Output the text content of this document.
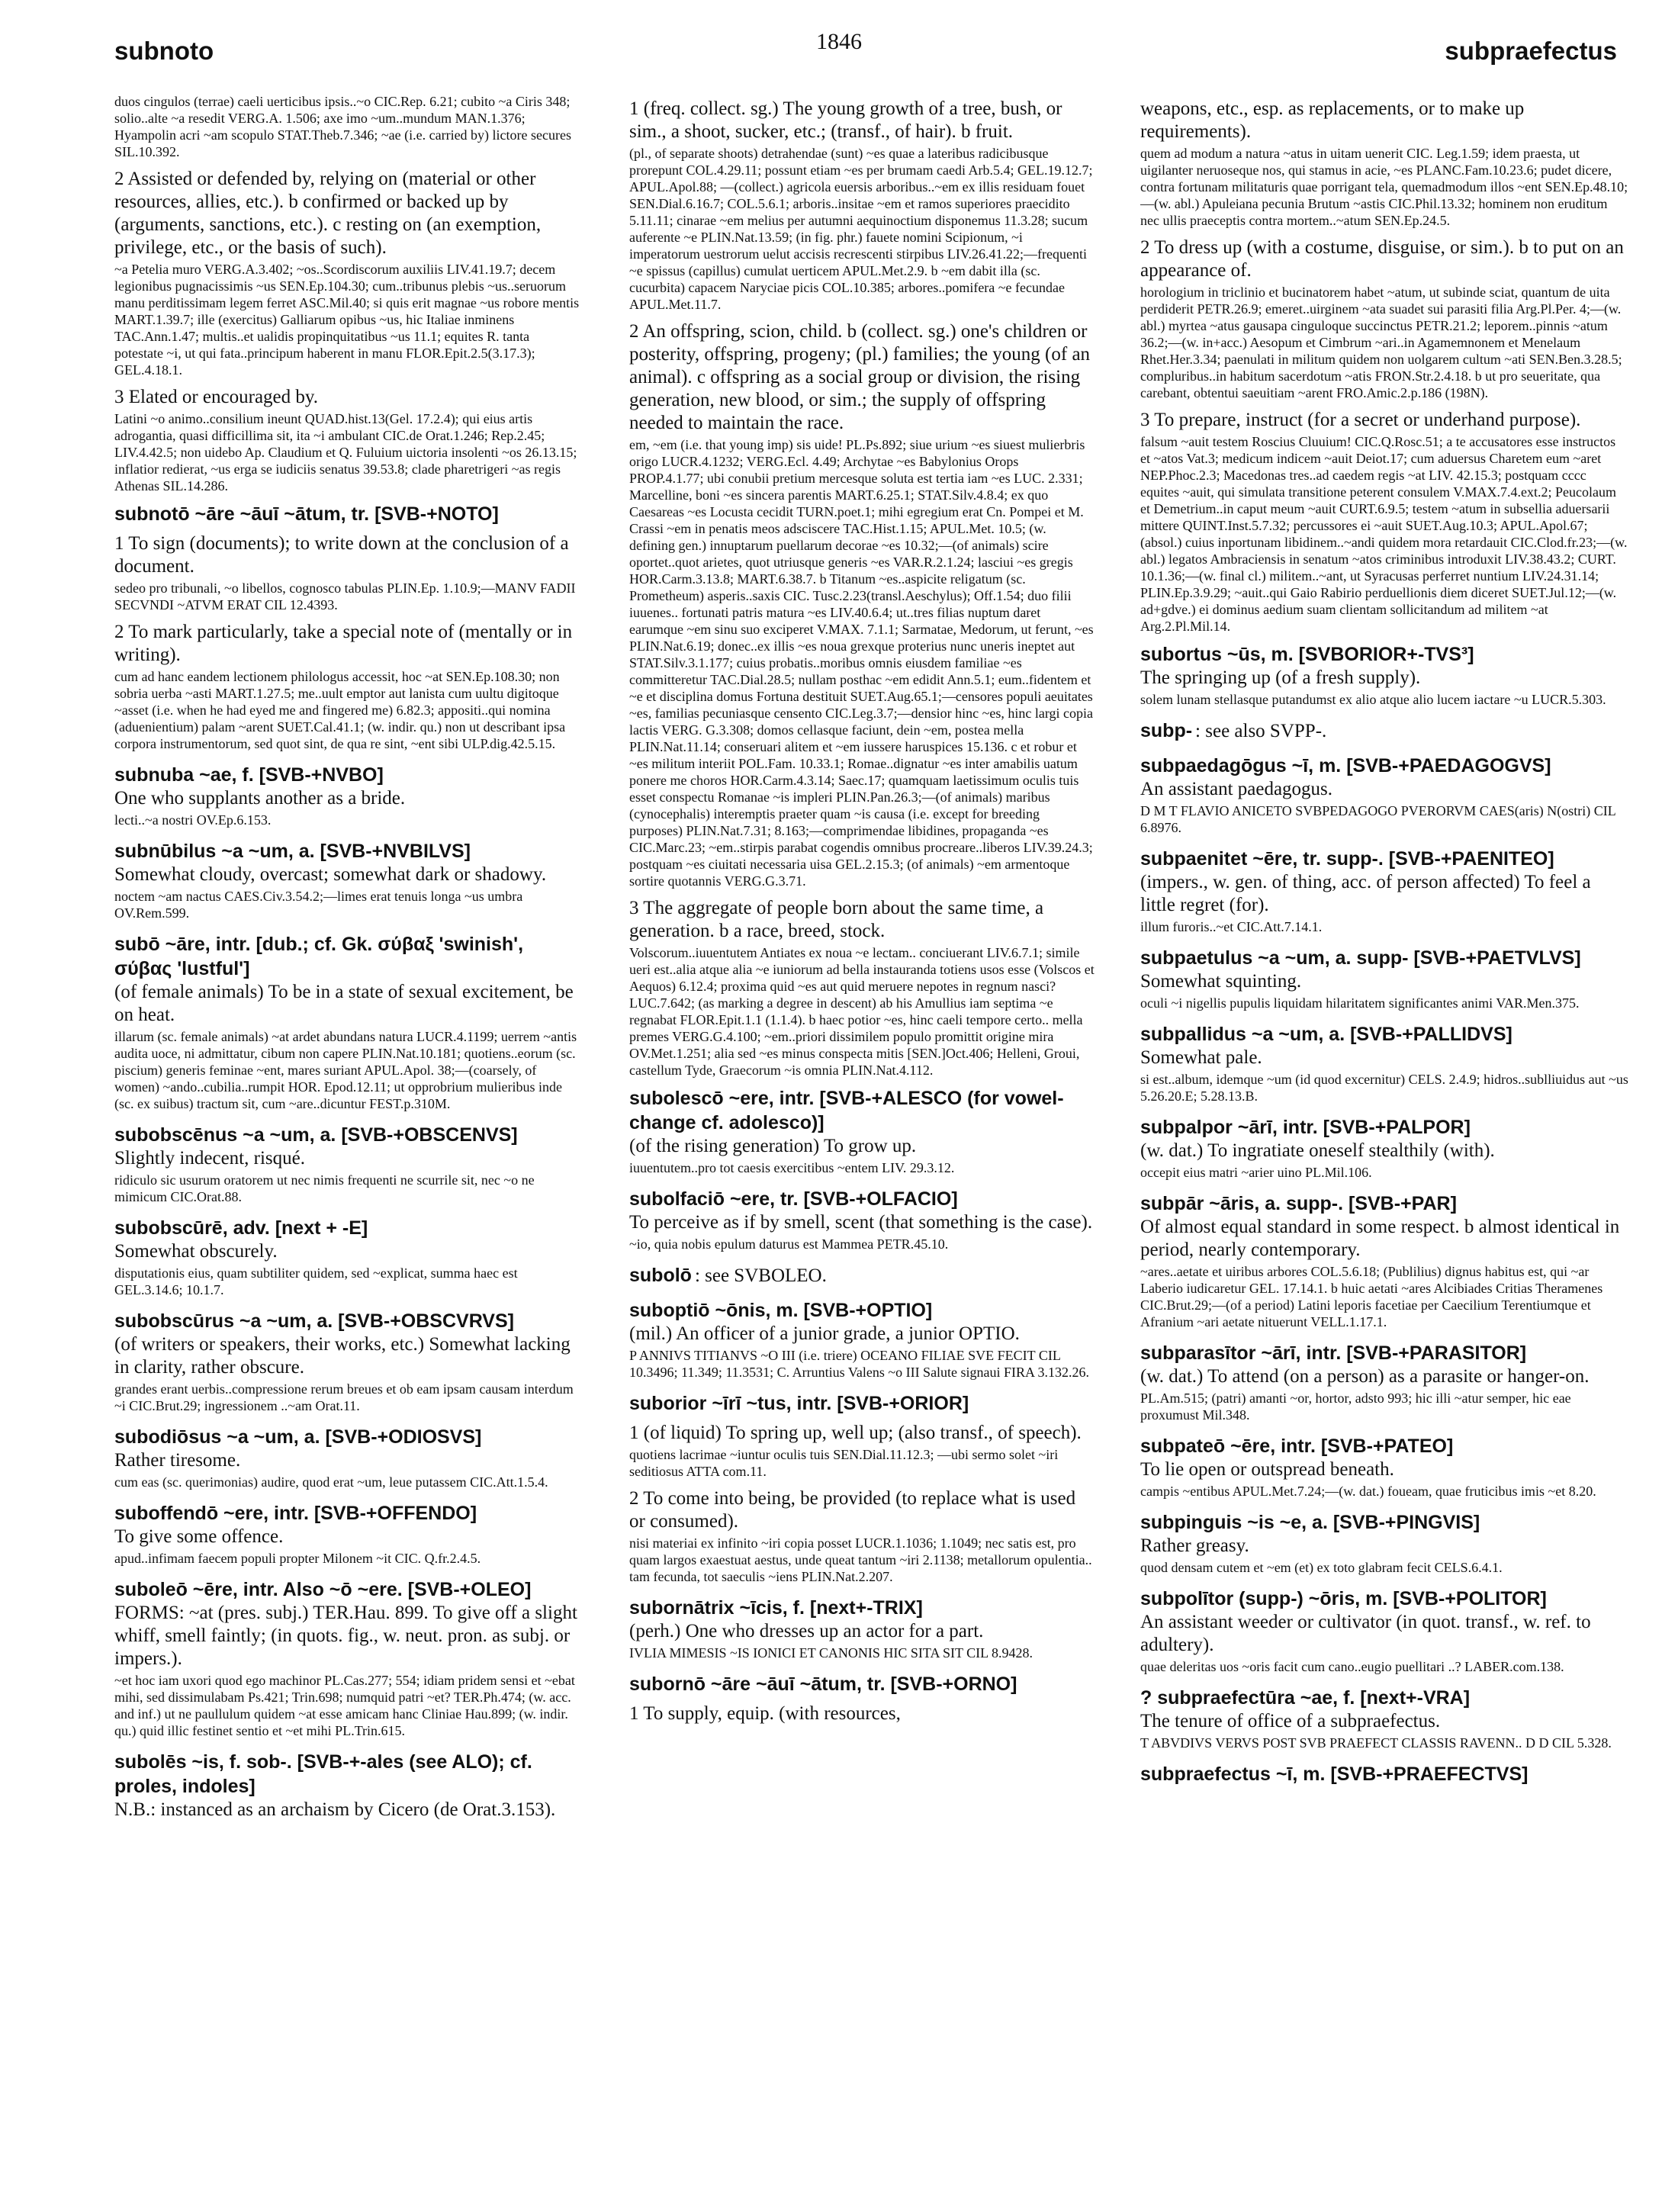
subnoto	1846	subpraefectus

duos cingulos (terrae) caeli uerticibus ipsis..~o CIC.Rep. 6.21; cubito ~a Ciris 348; solio..alte ~a resedit VERG.A. 1.506; axe imo ~um..mundum MAN.1.376; Hyampolin acri ~am scopulo STAT.Theb.7.346; ~ae (i.e. carried by) lictore secures SIL.10.392.

2 Assisted or defended by, relying on (material or other resources, allies, etc.). b confirmed or backed up by (arguments, sanctions, etc.). c resting on (an exemption, privilege, etc., or the basis of such).

~a Petelia muro VERG.A.3.402; ~os..Scordiscorum auxiliis LIV.41.19.7; decem legionibus pugnacissimis ~us SEN.Ep.104.30; cum..tribunus plebis ~us..seruorum manu perditissimam legem ferret ASC.Mil.40; si quis erit magnae ~us robore mentis MART.1.39.7; ille (exercitus) Galliarum opibus ~us, hic Italiae inminens TAC.Ann.1.47; multis..et ualidis propinquitatibus ~us 11.1; equites R. tanta potestate ~i, ut qui fata..principum haberent in manu FLOR.Epit.2.5(3.17.3); GEL.4.18.1.

3 Elated or encouraged by.

Latini ~o animo..consilium ineunt QUAD.hist.13(Gel. 17.2.4); qui eius artis adrogantia, quasi difficillima sit, ita ~i ambulant CIC.de Orat.1.246; Rep.2.45; LIV.4.42.5; non uidebo Ap. Claudium et Q. Fuluium uictoria insolenti ~os 26.13.15; inflatior redierat, ~us erga se iudiciis senatus 39.53.8; clade pharetrigeri ~as regis Athenas SIL.14.286.

subnotō ~āre ~āuī ~ātum, tr. [SVB-+NOTO]

1 To sign (documents); to write down at the conclusion of a document.

sedeo pro tribunali, ~o libellos, cognosco tabulas PLIN.Ep. 1.10.9;—MANV FADII SECVNDI ~ATVM ERAT CIL 12.4393.

2 To mark particularly, take a special note of (mentally or in writing).

cum ad hanc eandem lectionem philologus accessit, hoc ~at SEN.Ep.108.30; non sobria uerba ~asti MART.1.27.5; me..uult emptor aut lanista cum uultu digitoque ~asset (i.e. when he had eyed me and fingered me) 6.82.3; appositi..qui nomina (aduenientium) palam ~arent SUET.Cal.41.1; (w. indir. qu.) non ut describant ipsa corpora instrumentorum, sed quot sint, de qua re sint, ~ent sibi ULP.dig.42.5.15.

subnuba ~ae, f. [SVB-+NVBO]

One who supplants another as a bride.

lecti..~a nostri OV.Ep.6.153.

subnūbilus ~a ~um, a. [SVB-+NVBILVS]

Somewhat cloudy, overcast; somewhat dark or shadowy.

noctem ~am nactus CAES.Civ.3.54.2;—limes erat tenuis longa ~us umbra OV.Rem.599.

subō ~āre, intr. [dub.; cf. Gk. σύβαξ 'swinish', σύβας 'lustful']

(of female animals) To be in a state of sexual excitement, be on heat.

illarum (sc. female animals) ~at ardet abundans natura LUCR.4.1199; uerrem ~antis audita uoce, ni admittatur, cibum non capere PLIN.Nat.10.181; quotiens..eorum (sc. piscium) generis feminae ~ent, mares suriant APUL.Apol. 38;—(coarsely, of women) ~ando..cubilia..rumpit HOR. Epod.12.11; ut opprobrium mulieribus inde (sc. ex suibus) tractum sit, cum ~are..dicuntur FEST.p.310M.

subobscēnus ~a ~um, a. [SVB-+OBSCENVS]

Slightly indecent, risqué.

ridiculo sic usurum oratorem ut nec nimis frequenti ne scurrile sit, nec ~o ne mimicum CIC.Orat.88.

subobscūrē, adv. [next + -E]

Somewhat obscurely.

disputationis eius, quam subtiliter quidem, sed ~explicat, summa haec est GEL.3.14.6; 10.1.7.

subobscūrus ~a ~um, a. [SVB-+OBSCVRVS]

(of writers or speakers, their works, etc.) Somewhat lacking in clarity, rather obscure.

grandes erant uerbis..compressione rerum breues et ob eam ipsam causam interdum ~i CIC.Brut.29; ingressionem ..~am Orat.11.

subodiōsus ~a ~um, a. [SVB-+ODIOSVS]

Rather tiresome.

cum eas (sc. querimonias) audire, quod erat ~um, leue putassem CIC.Att.1.5.4.

suboffendō ~ere, intr. [SVB-+OFFENDO]

To give some offence.

apud..infimam faecem populi propter Milonem ~it CIC. Q.fr.2.4.5.

suboleō ~ēre, intr. Also ~ō ~ere. [SVB-+OLEO]

FORMS: ~at (pres. subj.) TER.Hau. 899. To give off a slight whiff, smell faintly; (in quots. fig., w. neut. pron. as subj. or impers.).

~et hoc iam uxori quod ego machinor PL.Cas.277; 554; idiam pridem sensi et ~ebat mihi, sed dissimulabam Ps.421; Trin.698; numquid patri ~et? TER.Ph.474; (w. acc. and inf.) ut ne paullulum quidem ~at esse amicam hanc Cliniae Hau.899; (w. indir. qu.) quid illic festinet sentio et ~et mihi PL.Trin.615.

subolēs ~is, f. sob-. [SVB-+-ales (see ALO); cf. proles, indoles]

N.B.: instanced as an archaism by Cicero (de Orat.3.153).

1 (freq. collect. sg.) The young growth of a tree, bush, or sim., a shoot, sucker, etc.; (transf., of hair). b fruit.

(pl., of separate shoots) detrahendae (sunt) ~es quae a lateribus radicibusque prorepunt COL.4.29.11; possunt etiam ~es per brumam caedi Arb.5.4; GEL.19.12.7; APUL.Apol.88; —(collect.) agricola euersis arboribus..~em ex illis residuam fouet SEN.Dial.6.16.7; COL.5.6.1; arboris..insitae ~em et ramos superiores praecidito 5.11.11; cinarae ~em melius per autumni aequinoctium disponemus 11.3.28; sucum auferente ~e PLIN.Nat.13.59; (in fig. phr.) fauete nomini Scipionum, ~i imperatorum uestrorum uelut accisis recrescenti stirpibus LIV.26.41.22;—frequenti ~e spissus (capillus) cumulat uerticem APUL.Met.2.9. b ~em dabit illa (sc. cucurbita) capacem Naryciae picis COL.10.385; arbores..pomifera ~e fecundae APUL.Met.11.7.

2 An offspring, scion, child. b (collect. sg.) one's children or posterity, offspring, progeny; (pl.) families; the young (of an animal). c offspring as a social group or division, the rising generation, new blood, or sim.; the supply of offspring needed to maintain the race.

em, ~em (i.e. that young imp) sis uide! PL.Ps.892; siue urium ~es siuest mulierbris origo LUCR.4.1232; VERG.Ecl. 4.49; Archytae ~es Babylonius Orops PROP.4.1.77; ubi conubii pretium mercesque soluta est tertia iam ~es LUC. 2.331; Marcelline, boni ~es sincera parentis MART.6.25.1; STAT.Silv.4.8.4; ex quo Caesareas ~es Locusta cecidit TURN.poet.1; mihi egregium erat Cn. Pompei et M. Crassi ~em in penatis meos adsciscere TAC.Hist.1.15; APUL.Met. 10.5; (w. defining gen.) innuptarum puellarum decorae ~es 10.32;—(of animals) scire oportet..quot arietes, quot utriusque generis ~es VAR.R.2.1.24; lasciui ~es gregis HOR.Carm.3.13.8; MART.6.38.7. b Titanum ~es..aspicite religatum (sc. Prometheum) asperis..saxis CIC. Tusc.2.23(transl.Aeschylus); Off.1.54; duo filii iuuenes.. fortunati patris matura ~es LIV.40.6.4; ut..tres filias nuptum daret earumque ~em sinu suo exciperet V.MAX. 7.1.1; Sarmatae, Medorum, ut ferunt, ~es PLIN.Nat.6.19; donec..ex illis ~es noua grexque proterius nunc uneris ineptet aut STAT.Silv.3.1.177; cuius probatis..moribus omnis eiusdem familiae ~es committeretur TAC.Dial.28.5; nullam posthac ~em edidit Ann.5.1; eum..fidentem et ~e et disciplina domus Fortuna destituit SUET.Aug.65.1;—censores populi aeuitates ~es, familias pecuniasque censento CIC.Leg.3.7;—densior hinc ~es, hinc largi copia lactis VERG. G.3.308; domos cellasque faciunt, dein ~em, postea mella PLIN.Nat.11.14; conseruari alitem et ~em iussere haruspices 15.136. c et robur et ~es militum interiit POL.Fam. 10.33.1; Romae..dignatur ~es inter amabilis uatum ponere me choros HOR.Carm.4.3.14; Saec.17; quamquam laetissimum oculis tuis esset conspectu Romanae ~is impleri PLIN.Pan.26.3;—(of animals) maribus (cynocephalis) interemptis praeter quam ~is causa (i.e. except for breeding purposes) PLIN.Nat.7.31; 8.163;—comprimendae libidines, propaganda ~es CIC.Marc.23; ~em..stirpis parabat cogendis omnibus procreare..liberos LIV.39.24.3; postquam ~es ciuitati necessaria uisa GEL.2.15.3; (of animals) ~em armentoque sortire quotannis VERG.G.3.71.

3 The aggregate of people born about the same time, a generation. b a race, breed, stock.

Volscorum..iuuentutem Antiates ex noua ~e lectam.. conciuerant LIV.6.7.1; simile ueri est..alia atque alia ~e iuniorum ad bella instauranda totiens usos esse (Volscos et Aequos) 6.12.4; proxima quid ~es aut quid meruere nepotes in regnum nasci? LUC.7.642; (as marking a degree in descent) ab his Amullius iam septima ~e regnabat FLOR.Epit.1.1 (1.1.4). b haec potior ~es, hinc caeli tempore certo.. mella premes VERG.G.4.100; ~em..priori dissimilem populo promittit origine mira OV.Met.1.251; alia sed ~es minus conspecta mitis [SEN.]Oct.406; Helleni, Groui, castellum Tyde, Graecorum ~is omnia PLIN.Nat.4.112.

subolescō ~ere, intr. [SVB-+ALESCO (for vowel-change cf. adolesco)]

(of the rising generation) To grow up.

iuuentutem..pro tot caesis exercitibus ~entem LIV. 29.3.12.

subolfaciō ~ere, tr. [SVB-+OLFACIO]

To perceive as if by smell, scent (that something is the case).

~io, quia nobis epulum daturus est Mammea PETR.45.10.

subolō : see SVBOLEO.
suboptiō ~ōnis, m. [SVB-+OPTIO]

(mil.) An officer of a junior grade, a junior OPTIO.

P ANNIVS TITIANVS ~O III (i.e. triere) OCEANO FILIAE SVE FECIT CIL 10.3496; 11.349; 11.3531; C. Arruntius Valens ~o III Salute signaui FIRA 3.132.26.

suborior ~īrī ~tus, intr. [SVB-+ORIOR]

1 (of liquid) To spring up, well up; (also transf., of speech).

quotiens lacrimae ~iuntur oculis tuis SEN.Dial.11.12.3; —ubi sermo solet ~iri seditiosus ATTA com.11.

2 To come into being, be provided (to replace what is used or consumed).

nisi materiai ex infinito ~iri copia posset LUCR.1.1036; 1.1049; nec satis est, pro quam largos exaestuat aestus, unde queat tantum ~iri 2.1138; metallorum opulentia.. tam fecunda, tot saeculis ~iens PLIN.Nat.2.207.

subornātrix ~īcis, f. [next+-TRIX]

(perh.) One who dresses up an actor for a part.

IVLIA MIMESIS ~IS IONICI ET CANONIS HIC SITA SIT CIL 8.9428.

subornō ~āre ~āuī ~ātum, tr. [SVB-+ORNO]

1 To supply, equip. (with resources,

weapons, etc., esp. as replacements, or to make up requirements).

quem ad modum a natura ~atus in uitam uenerit CIC. Leg.1.59; idem praesta, ut uigilanter neruoseque nos, qui stamus in acie, ~es PLANC.Fam.10.23.6; pudet dicere, contra fortunam militaturis quae porrigant tela, quemadmodum illos ~ent SEN.Ep.48.10;—(w. abl.) Apuleiana pecunia Brutum ~astis CIC.Phil.13.32; hominem non eruditum nec ullis praeceptis contra mortem..~atum SEN.Ep.24.5.

2 To dress up (with a costume, disguise, or sim.). b to put on an appearance of.

horologium in triclinio et bucinatorem habet ~atum, ut subinde sciat, quantum de uita perdiderit PETR.26.9; emeret..uirginem ~ata suadet sui parasiti filia Arg.Pl.Per. 4;—(w. abl.) myrtea ~atus gausapa cinguloque succinctus PETR.21.2; leporem..pinnis ~atum 36.2;—(w. in+acc.) Aesopum et Cimbrum ~ari..in Agamemnonem et Menelaum Rhet.Her.3.34; paenulati in militum quidem non uolgarem cultum ~ati SEN.Ben.3.28.5; compluribus..in habitum sacerdotum ~atis FRON.Str.2.4.18. b ut pro seueritate, qua carebant, obtentui saeuitiam ~arent FRO.Amic.2.p.186 (198N).

3 To prepare, instruct (for a secret or underhand purpose).

falsum ~auit testem Roscius Cluuium! CIC.Q.Rosc.51; a te accusatores esse instructos et ~atos Vat.3; medicum indicem ~auit Deiot.17; cum aduersus Charetem eum ~aret NEP.Phoc.2.3; Macedonas tres..ad caedem regis ~at LIV. 42.15.3; postquam cccc equites ~auit, qui simulata transitione peterent consulem V.MAX.7.4.ext.2; Peucolaum et Demetrium..in caput meum ~auit CURT.6.9.5; testem ~atum in subsellia aduersarii mittere QUINT.Inst.5.7.32; percussores ei ~auit SUET.Aug.10.3; APUL.Apol.67; (absol.) cuius inportunam libidinem..~andi quidem mora retardauit CIC.Clod.fr.23;—(w. abl.) legatos Ambraciensis in senatum ~atos criminibus introduxit LIV.38.43.2; CURT. 10.1.36;—(w. final cl.) militem..~ant, ut Syracusas perferret nuntium LIV.24.31.14; PLIN.Ep.3.9.29; ~auit..qui Gaio Rabirio perduellionis diem diceret SUET.Jul.12;—(w. ad+gdve.) ei dominus aedium suam clientam sollicitandum ad militem ~at Arg.2.Pl.Mil.14.

subortus ~ūs, m. [SVBORIOR+-TVS³]

The springing up (of a fresh supply).

solem lunam stellasque putandumst ex alio atque alio lucem iactare ~u LUCR.5.303.

subp- : see also SVPP-.
subpaedagōgus ~ī, m. [SVB-+PAEDAGOGVS]

An assistant paedagogus.

D M T FLAVIO ANICETO SVBPEDAGOGO PVERORVM CAES(aris) N(ostri) CIL 6.8976.

subpaenitet ~ēre, tr. supp-. [SVB-+PAENITEO]

(impers., w. gen. of thing, acc. of person affected) To feel a little regret (for).

illum furoris..~et CIC.Att.7.14.1.

subpaetulus ~a ~um, a. supp- [SVB-+PAETVLVS]

Somewhat squinting.

oculi ~i nigellis pupulis liquidam hilaritatem significantes animi VAR.Men.375.

subpallidus ~a ~um, a. [SVB-+PALLIDVS]

Somewhat pale.

si est..album, idemque ~um (id quod excernitur) CELS. 2.4.9; hidros..sublliuidus aut ~us 5.26.20.E; 5.28.13.B.

subpalpor ~ārī, intr. [SVB-+PALPOR]

(w. dat.) To ingratiate oneself stealthily (with).

occepit eius matri ~arier uino PL.Mil.106.

subpār ~āris, a. supp-. [SVB-+PAR]

Of almost equal standard in some respect. b almost identical in period, nearly contemporary.

~ares..aetate et uiribus arbores COL.5.6.18; (Publilius) dignus habitus est, qui ~ar Laberio iudicaretur GEL. 17.14.1. b huic aetati ~ares Alcibiades Critias Theramenes CIC.Brut.29;—(of a period) Latini leporis facetiae per Caecilium Terentiumque et Afranium ~ari aetate nituerunt VELL.1.17.1.

subparasītor ~ārī, intr. [SVB-+PARASITOR]

(w. dat.) To attend (on a person) as a parasite or hanger-on.

PL.Am.515; (patri) amanti ~or, hortor, adsto 993; hic illi ~atur semper, hic eae proxumust Mil.348.

subpateō ~ēre, intr. [SVB-+PATEO]

To lie open or outspread beneath.

campis ~entibus APUL.Met.7.24;—(w. dat.) foueam, quae fruticibus imis ~et 8.20.

subpinguis ~is ~e, a. [SVB-+PINGVIS]

Rather greasy.

quod densam cutem et ~em (et) ex toto glabram fecit CELS.6.4.1.

subpolītor (supp-) ~ōris, m. [SVB-+POLITOR]

An assistant weeder or cultivator (in quot. transf., w. ref. to adultery).

quae deleritas uos ~oris facit cum cano..eugio puellitari ..? LABER.com.138.

? subpraefectūra ~ae, f. [next+-VRA]

The tenure of office of a subpraefectus.

T ABVDIVS VERVS POST SVB PRAEFECT CLASSIS RAVENN.. D D CIL 5.328.

subpraefectus ~ī, m. [SVB-+PRAEFECTVS]
